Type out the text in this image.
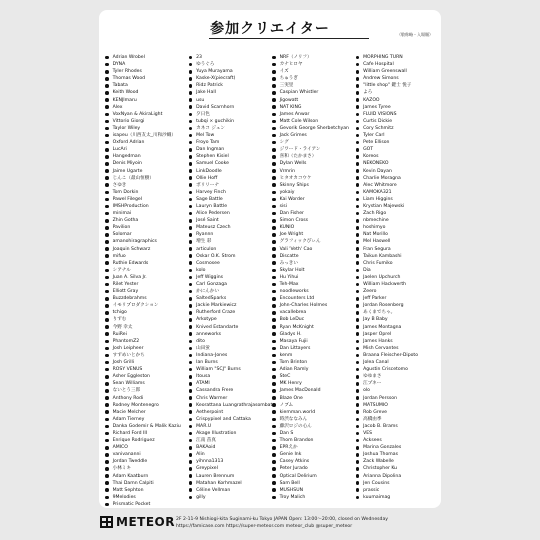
参加クリエイター	（敬称略・入場順）
Adrian Wrobel
DYNA
Tyler Rhodes
Thomas Wood
Tabata
Keith Wood
KENJImaru
Alex
VoxNyan & AkiraLight
Vittorio Giorgi
Taylor Wiley
isapeu（川西友太_川和沙織）
Oxford Adrian
LucAri
Hangedman
Denis Miyoin
Jaime Ugarte
じんこ（最山恒樹）
さゆき
Tom Dorkin
Pawel Filegel
IMSHProduction
minimai
Zhin Gotha
Pavilion
Solomar
amanohiragraphics
Joaquin Schwarz
mifuo
Ruthie Edwards
シアナル
Juan A. Silva Jr.
Rilet Yester
Elliott Gray
Buzzdebrahms
イモリプロダクション
tchigo
りずむ
今野 幸太
RuiRei
PhantomZ2
Josh Leipheer
すずめいとかち
Josh Grilli
ROSY VENUS
Asher Eggleston
Sean Williams
ないとう三郎
Anthony Rodi
Rodney Montenegro
Macie Melcher
Adam Tierney
Danka Godemir & Malik Kaziu
Richard Ford III
Enrique Rodriguez
AMICO
vanivananni
Jordan Tweddle
小林ミキ
Adam Kaatburn
Thai Damn Calpiti
Matt Sephton
9Melodies
Prismatic Pocket
23
ゆうぐろ
Yuya Murayama
Kaske-X(piecraft)
Ridz Patrick
Jake Hall
usu
David Scarnhorn
夕日色
tubqi × guchikin
カネコ ジェン
Mel Tow
Froyo Tam
Dan Ingman
Stephen Kisiel
Samuel Cooke
LinkDoodle
Ollie Hoff
ボリリーナ
Harvey Finch
Sage Battle
Lauryn Battle
Alice Pedersen
José Saint
Mateusz Czech
Ryannn
増生 彩
articulon
Oskar O.K. Strom
Cosmosee
kolo
Jeff Wiggins
Carl Gonzaga
かにんかい
SaltedSparks
Jackie Markiewicz
Rutherford Craze
Arkotype
Knived Estandarte
anneworks
dito
山田蛍
Indiana-Jones
Ian Burns
William "SCJ" Burns
Itousa
ATAMI
Cassandra Frere
Chris Warmer
Keorattana Luangrathrajasombat
Aetherpoint
Crispypixel and Cattaka
MAR.U
Akage Illustration
江南 苗真
BAKAoid
Alin
yihnna1313
Greypixel
Lauren Brennum
Matahan Korhmazel
Céline Vellman
gilly
NRF（ノリフ）
カナヒロヤ
イズ
ちゅうぎ
三実里
Caspian Whistler
Jigowatt
NAT KING
James Anwar
Matt Cole Wilson
Gevorik George Sherbetchyan
Jack Grimes
シグ
ジワード・ライアン
喜和（たかまさ）
Dylan Wells
Vrmrin
ヒタオカコウケ
Skinny Ships
yokaiy
Kai Worder
sisi
Dan Fisher
Simon Cross
KUNIO
Joe Wright
グラフィックぴぃん
Vali 'Veth' Cao
Discatte
みっきい
Skylar Holt
Hu Yihui
Teh-Max
noodleworks
Encounters Ltd
John-Charles Holmes
vacallebrea
Bob LeDuc
Ryan McKnight
Gladys H.
Masaya Fujii
Dan Littayers
kenm
Tom Brinton
Adian Ramly
SteC
MK Henry
James MacDonald
Blaze One
ノブム
kiemman.world
時渋ななみん
藤沢ロジの心ん
Dan S
Thom Brandon
EPRえか
Genie Ink
Casey Atkins
Peter Jurado
Optical Delirium
Sam Bell
MUSHSUN
Troy Malich
MORPHING TURN
Cafe Hospital
William Greenswall
Andrew Simons
"little shop" 鍵士 悦子
よろ
KAZOO
James Tyree
FLUID VISIONS
Curtis Dickie
Cory Schmitz
Tyler Carl
Pete Ellison
GOT
Koreos
NEKONEKO
Kevin Dayan
Charlie Moragna
Alec Whitmore
KAMOKA321
Liam Higgins
Krystian Majewski
Zach Rigo
nbmechine
hoshimyo
Nat Morillo
Mel Haswell
Fran Segura
Taikun Kambashi
Chris Fumiko
Dia
Jaelen Upchurch
William Hackwerth
Zeero
Jeff Parker
Jordan Rosenberg
あくまでちゃ。
Jay B Baby
James Montagna
Jasper Oprel
James Hanks
Mish Cervantes
Braana Fleischer-Dipoto
Jolea Canal
Agustin Criscetomo
ゆゆまさ
江プネー
olo
Jordan Persson
MATSUMIO
Rob Greve
高橋由季
Jacob B. Brams
VES
Acksees
Marina Gonzales
Joshua Thomas
Zack Wabelle
Christopher Ku
Arianna Dipolina
Jen Cousins
prassic
kuumaimag
METEOR 2F 2-11-9 Nishiogi-kita Suginami-ku Tokyo JAPAN Open: 13:00〜20:00, closed on Wednesday
https://famicase.com https://super-meteor.com meteor_club @super_meteor
